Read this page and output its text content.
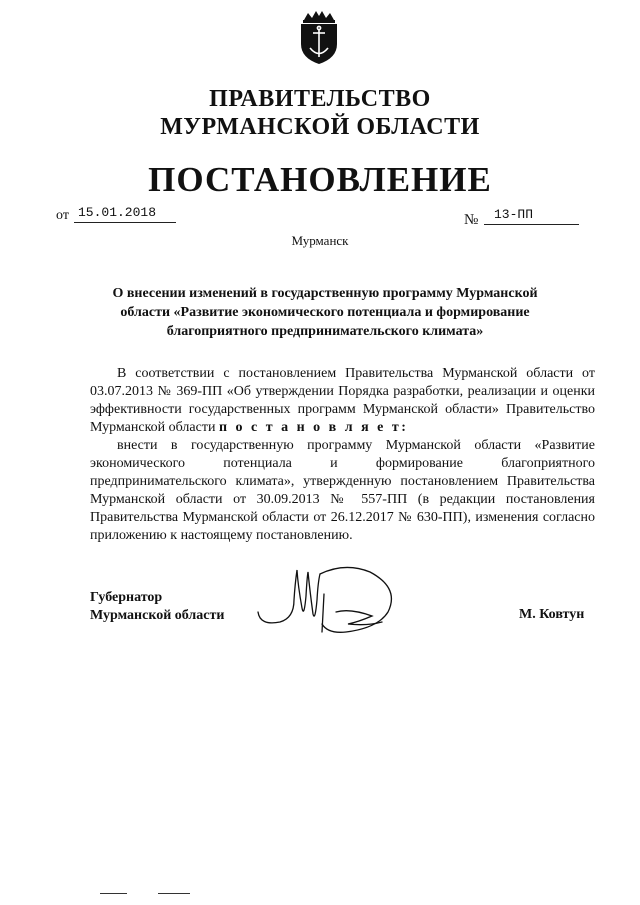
ПРАВИТЕЛЬСТВО
МУРМАНСКОЙ ОБЛАСТИ
ПОСТАНОВЛЕНИЕ
от 15.01.2018	№ 13-ПП
Мурманск
О внесении изменений в государственную программу Мурманской области «Развитие экономического потенциала и формирование благоприятного предпринимательского климата»

В соответствии с постановлением Правительства Мурманской области от 03.07.2013 № 369-ПП «Об утверждении Порядка разработки, реализации и оценки эффективности государственных программ Мурманской области» Правительство Мурманской области п о с т а н о в л я е т:

внести в государственную программу Мурманской области «Развитие экономического потенциала и формирование благоприятного предпринимательского климата», утвержденную постановлением Правительства Мурманской области от 30.09.2013 № 557-ПП (в редакции постановления Правительства Мурманской области от 26.12.2017 № 630-ПП), изменения согласно приложению к настоящему постановлению.

Губернатор
Мурманской области	М. Ковтун
